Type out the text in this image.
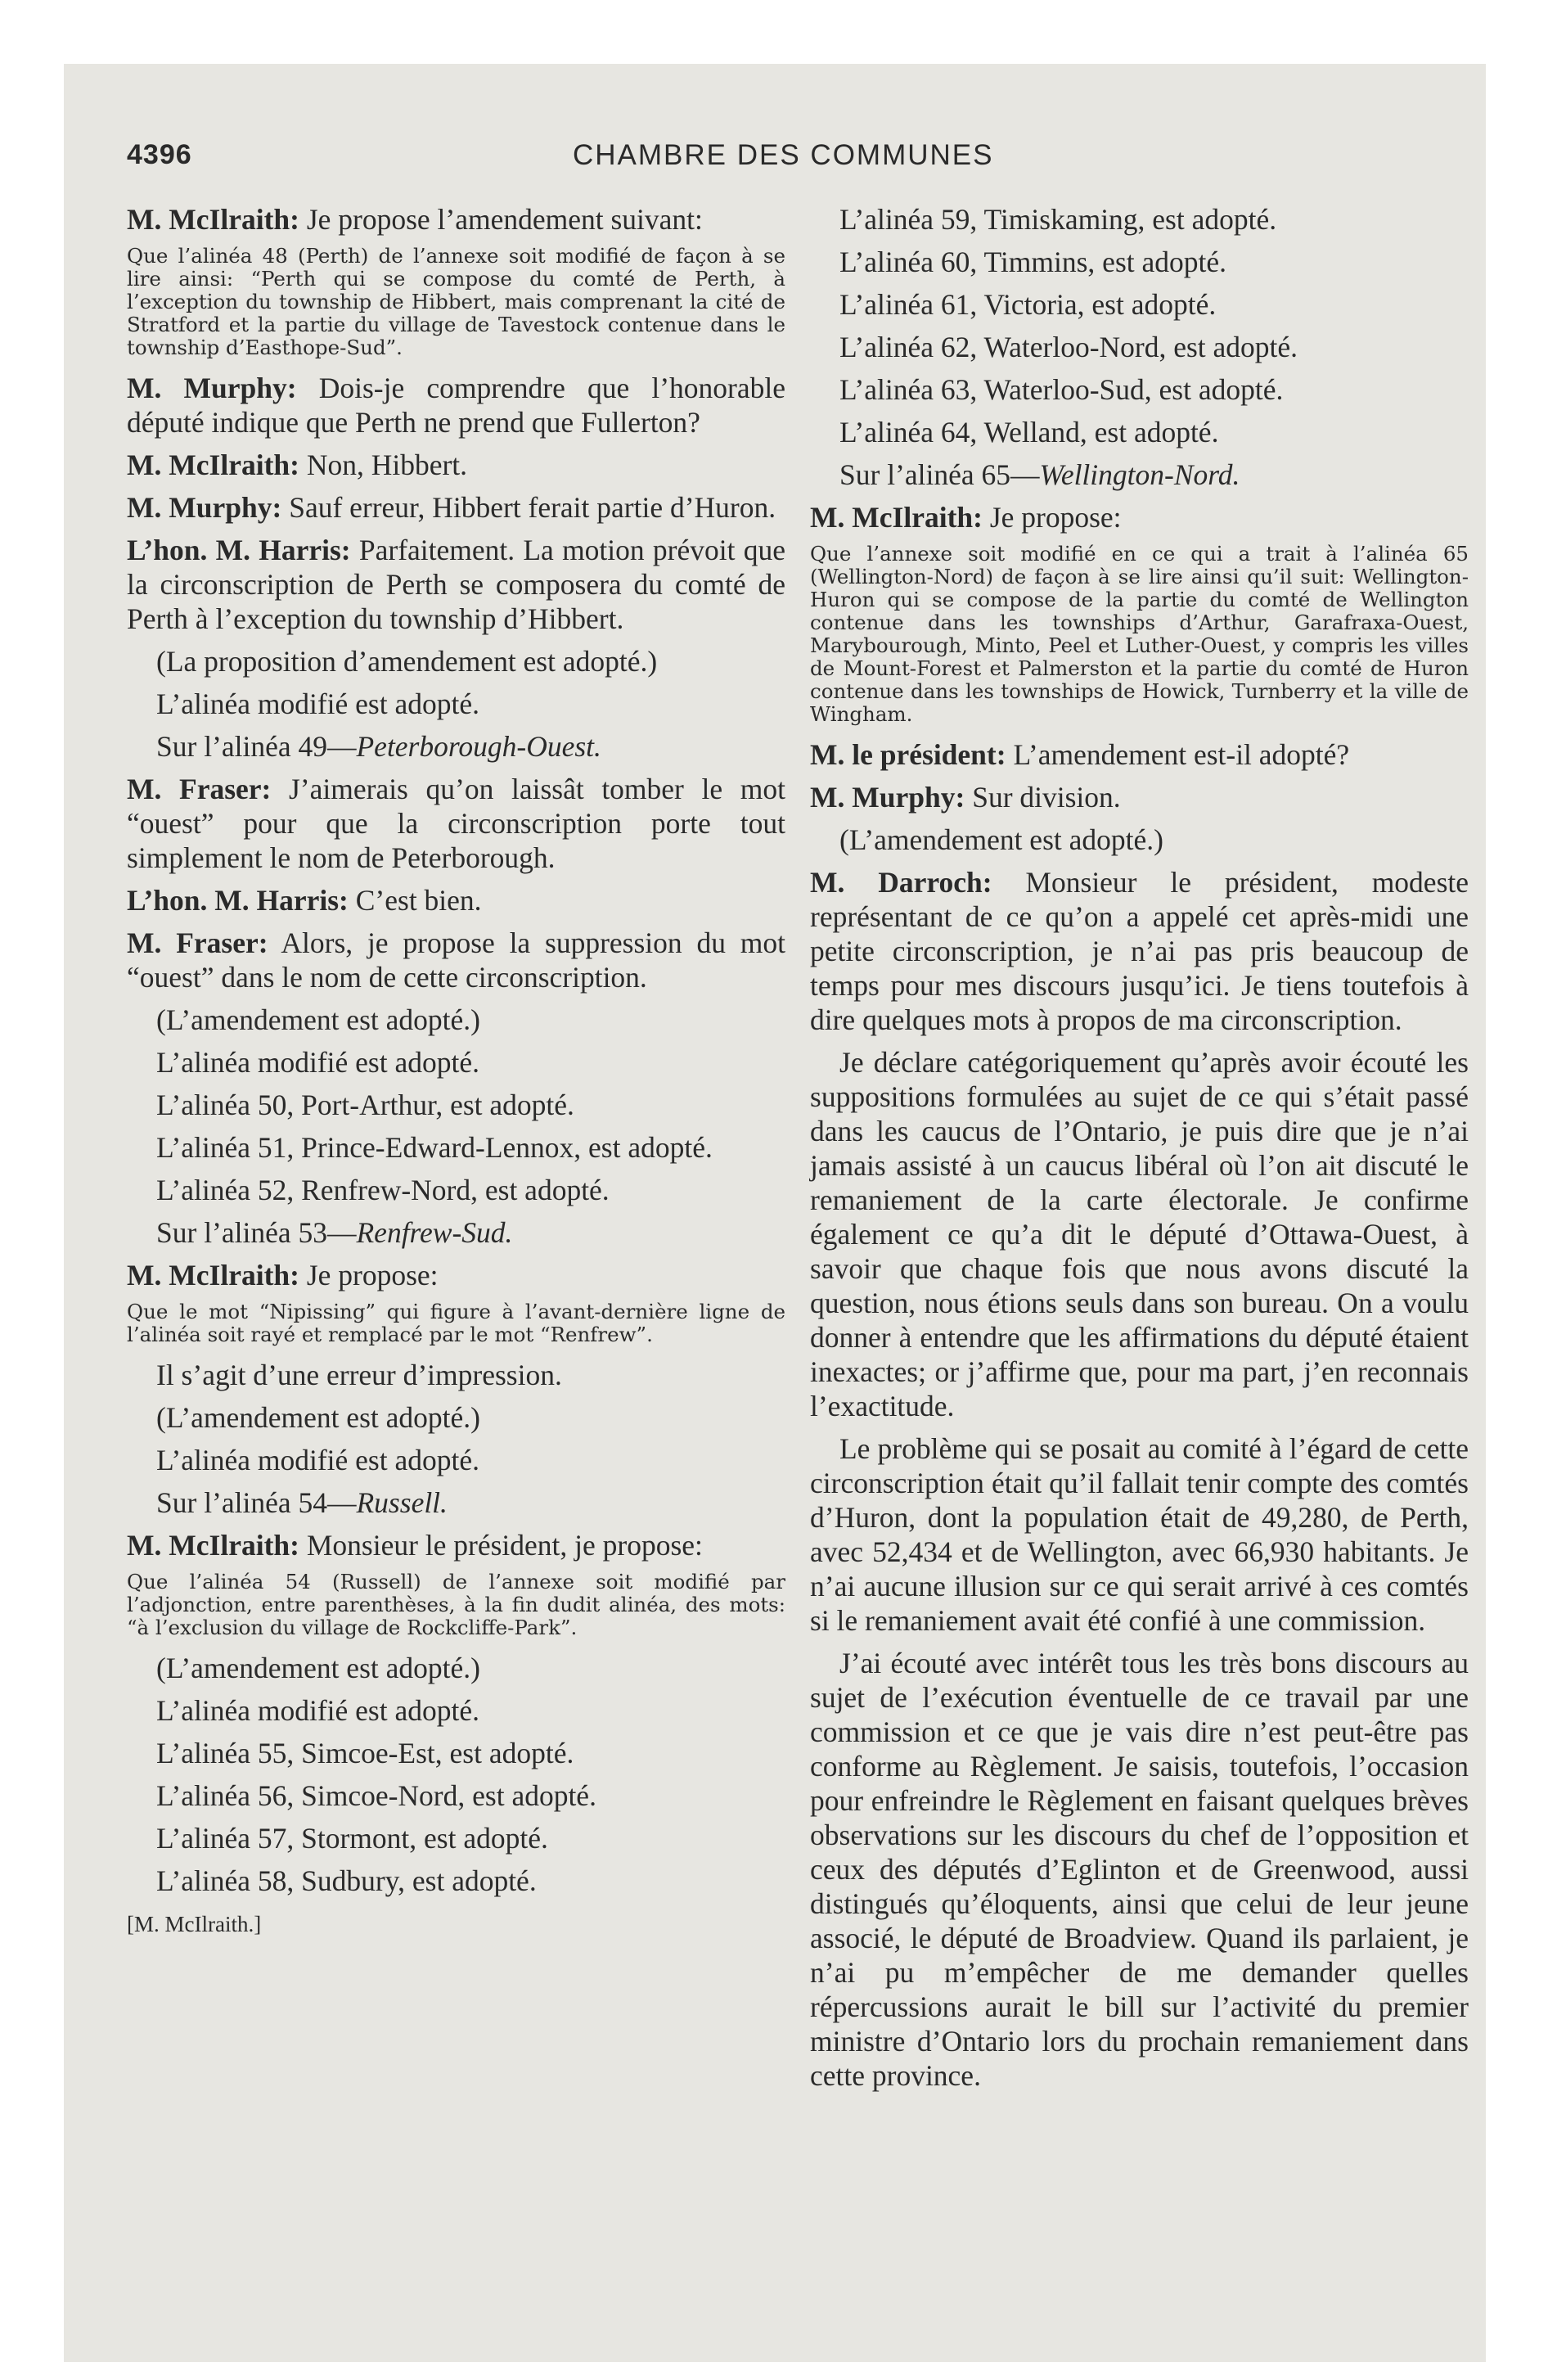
4396	CHAMBRE DES COMMUNES

M. McIlraith: Je propose l’amendement suivant:

Que l’alinéa 48 (Perth) de l’annexe soit modifié de façon à se lire ainsi: “Perth qui se compose du comté de Perth, à l’exception du township de Hibbert, mais comprenant la cité de Stratford et la partie du village de Tavestock contenue dans le township d’Easthope-Sud”.

M. Murphy: Dois-je comprendre que l’honorable député indique que Perth ne prend que Fullerton?

M. McIlraith: Non, Hibbert.

M. Murphy: Sauf erreur, Hibbert ferait partie d’Huron.

L’hon. M. Harris: Parfaitement. La motion prévoit que la circonscription de Perth se composera du comté de Perth à l’exception du township d’Hibbert.

(La proposition d’amendement est adopté.)

L’alinéa modifié est adopté.

Sur l’alinéa 49—Peterborough-Ouest.

M. Fraser: J’aimerais qu’on laissât tomber le mot “ouest” pour que la circonscription porte tout simplement le nom de Peterborough.

L’hon. M. Harris: C’est bien.

M. Fraser: Alors, je propose la suppression du mot “ouest” dans le nom de cette circonscription.

(L’amendement est adopté.)

L’alinéa modifié est adopté.

L’alinéa 50, Port-Arthur, est adopté.

L’alinéa 51, Prince-Edward-Lennox, est adopté.

L’alinéa 52, Renfrew-Nord, est adopté.

Sur l’alinéa 53—Renfrew-Sud.

M. McIlraith: Je propose:

Que le mot “Nipissing” qui figure à l’avant-dernière ligne de l’alinéa soit rayé et remplacé par le mot “Renfrew”.

Il s’agit d’une erreur d’impression.

(L’amendement est adopté.)

L’alinéa modifié est adopté.

Sur l’alinéa 54—Russell.

M. McIlraith: Monsieur le président, je propose:

Que l’alinéa 54 (Russell) de l’annexe soit modifié par l’adjonction, entre parenthèses, à la fin dudit alinéa, des mots: “à l’exclusion du village de Rockcliffe-Park”.

(L’amendement est adopté.)

L’alinéa modifié est adopté.

L’alinéa 55, Simcoe-Est, est adopté.

L’alinéa 56, Simcoe-Nord, est adopté.

L’alinéa 57, Stormont, est adopté.

L’alinéa 58, Sudbury, est adopté.

[M. McIlraith.]

L’alinéa 59, Timiskaming, est adopté.

L’alinéa 60, Timmins, est adopté.

L’alinéa 61, Victoria, est adopté.

L’alinéa 62, Waterloo-Nord, est adopté.

L’alinéa 63, Waterloo-Sud, est adopté.

L’alinéa 64, Welland, est adopté.

Sur l’alinéa 65—Wellington-Nord.

M. McIlraith: Je propose:

Que l’annexe soit modifié en ce qui a trait à l’alinéa 65 (Wellington-Nord) de façon à se lire ainsi qu’il suit: Wellington-Huron qui se compose de la partie du comté de Wellington contenue dans les townships d’Arthur, Garafraxa-Ouest, Marybourough, Minto, Peel et Luther-Ouest, y compris les villes de Mount-Forest et Palmerston et la partie du comté de Huron contenue dans les townships de Howick, Turnberry et la ville de Wingham.

M. le président: L’amendement est-il adopté?

M. Murphy: Sur division.

(L’amendement est adopté.)

M. Darroch: Monsieur le président, modeste représentant de ce qu’on a appelé cet après-midi une petite circonscription, je n’ai pas pris beaucoup de temps pour mes discours jusqu’ici. Je tiens toutefois à dire quelques mots à propos de ma circonscription.

Je déclare catégoriquement qu’après avoir écouté les suppositions formulées au sujet de ce qui s’était passé dans les caucus de l’Ontario, je puis dire que je n’ai jamais assisté à un caucus libéral où l’on ait discuté le remaniement de la carte électorale. Je confirme également ce qu’a dit le député d’Ottawa-Ouest, à savoir que chaque fois que nous avons discuté la question, nous étions seuls dans son bureau. On a voulu donner à entendre que les affirmations du député étaient inexactes; or j’affirme que, pour ma part, j’en reconnais l’exactitude.

Le problème qui se posait au comité à l’égard de cette circonscription était qu’il fallait tenir compte des comtés d’Huron, dont la population était de 49,280, de Perth, avec 52,434 et de Wellington, avec 66,930 habitants. Je n’ai aucune illusion sur ce qui serait arrivé à ces comtés si le remaniement avait été confié à une commission.

J’ai écouté avec intérêt tous les très bons discours au sujet de l’exécution éventuelle de ce travail par une commission et ce que je vais dire n’est peut-être pas conforme au Règlement. Je saisis, toutefois, l’occasion pour enfreindre le Règlement en faisant quelques brèves observations sur les discours du chef de l’opposition et ceux des députés d’Eglinton et de Greenwood, aussi distingués qu’éloquents, ainsi que celui de leur jeune associé, le député de Broadview. Quand ils parlaient, je n’ai pu m’empêcher de me demander quelles répercussions aurait le bill sur l’activité du premier ministre d’Ontario lors du prochain remaniement dans cette province.
